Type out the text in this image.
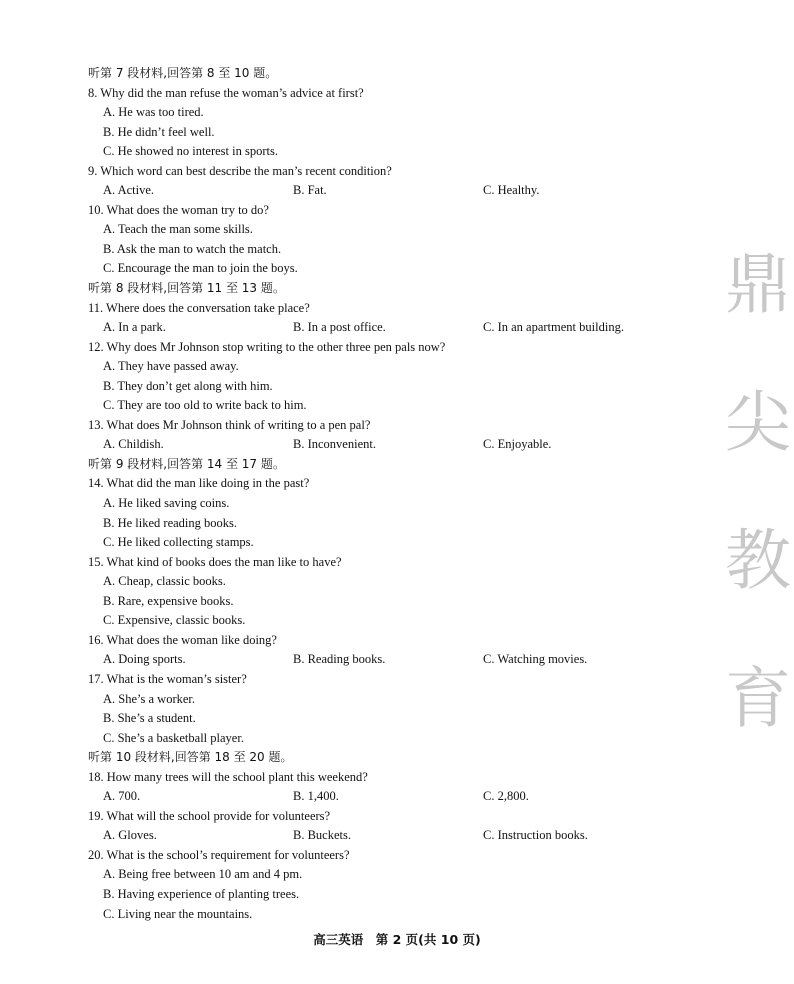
听第 7 段材料,回答第 8 至 10 题。
8. Why did the man refuse the woman’s advice at first?
A. He was too tired.
B. He didn’t feel well.
C. He showed no interest in sports.
9. Which word can best describe the man’s recent condition?
A. Active.	B. Fat.	C. Healthy.
10. What does the woman try to do?
A. Teach the man some skills.
B. Ask the man to watch the match.
C. Encourage the man to join the boys.
听第 8 段材料,回答第 11 至 13 题。
11. Where does the conversation take place?
A. In a park.	B. In a post office.	C. In an apartment building.
12. Why does Mr Johnson stop writing to the other three pen pals now?
A. They have passed away.
B. They don’t get along with him.
C. They are too old to write back to him.
13. What does Mr Johnson think of writing to a pen pal?
A. Childish.	B. Inconvenient.	C. Enjoyable.
听第 9 段材料,回答第 14 至 17 题。
14. What did the man like doing in the past?
A. He liked saving coins.
B. He liked reading books.
C. He liked collecting stamps.
15. What kind of books does the man like to have?
A. Cheap, classic books.
B. Rare, expensive books.
C. Expensive, classic books.
16. What does the woman like doing?
A. Doing sports.	B. Reading books.	C. Watching movies.
17. What is the woman’s sister?
A. She’s a worker.
B. She’s a student.
C. She’s a basketball player.
听第 10 段材料,回答第 18 至 20 题。
18. How many trees will the school plant this weekend?
A. 700.	B. 1,400.	C. 2,800.
19. What will the school provide for volunteers?
A. Gloves.	B. Buckets.	C. Instruction books.
20. What is the school’s requirement for volunteers?
A. Being free between 10 am and 4 pm.
B. Having experience of planting trees.
C. Living near the mountains.
鼎
尖
教
育
高三英语　第 2 页(共 10 页)
